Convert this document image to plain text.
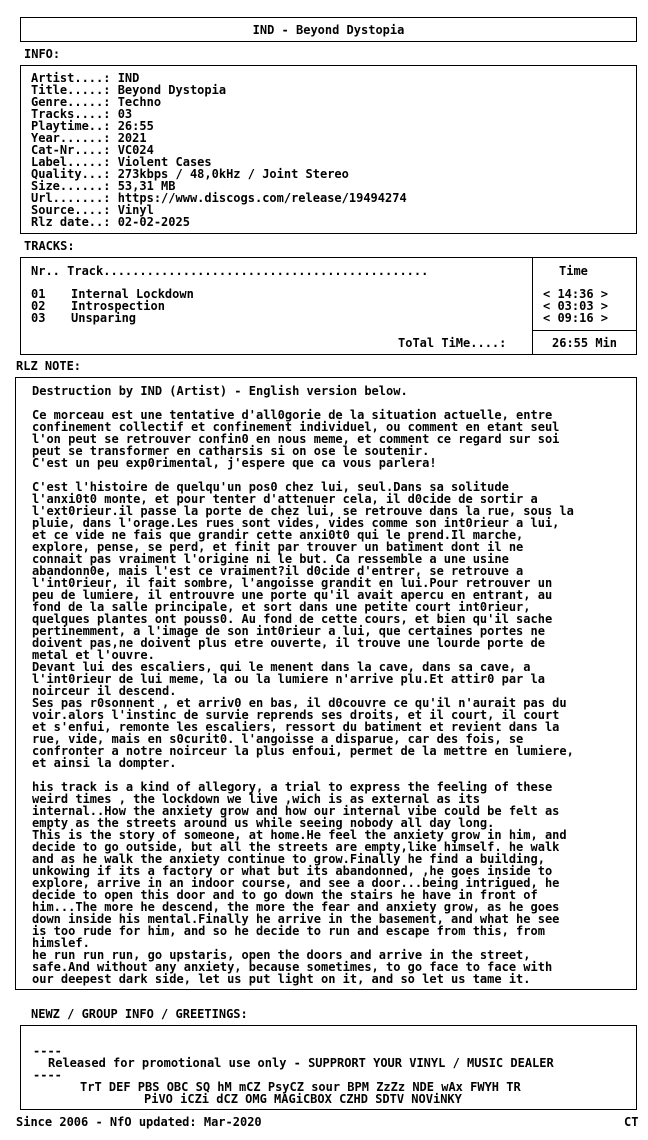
IND - Beyond Dystopia
INFO:
Artist....: IND
Title.....: Beyond Dystopia
Genre.....: Techno
Tracks....: 03
Playtime..: 26:55
Year......: 2021
Cat-Nr....: VC024
Label.....: Violent Cases
Quality...: 273kbps / 48,0kHz / Joint Stereo
Size......: 53,31 MB
Url.......: https://www.discogs.com/release/19494274
Source....: Vinyl
Rlz date..: 02-02-2025
TRACKS:
Nr.. Track.............................................	Time
01 Internal Lockdown	< 14:36 >
02 Introspection	< 03:03 >
03 Unsparing	< 09:16 >
ToTal TiMe....:	26:55 Min
RLZ NOTE:
Destruction by IND (Artist) - English version below.

Ce morceau est une tentative d'all0gorie de la situation actuelle, entre
confinement collectif et confinement individuel, ou comment en etant seul
l'on peut se retrouver confin0 en nous meme, et comment ce regard sur soi
peut se transformer en catharsis si on ose le soutenir.
C'est un peu exp0rimental, j'espere que ca vous parlera!

C'est l'histoire de quelqu'un pos0 chez lui, seul.Dans sa solitude
l'anxi0t0 monte, et pour tenter d'attenuer cela, il d0cide de sortir a
l'ext0rieur.il passe la porte de chez lui, se retrouve dans la rue, sous la
pluie, dans l'orage.Les rues sont vides, vides comme son int0rieur a lui,
et ce vide ne fais que grandir cette anxi0t0 qui le prend.Il marche,
explore, pense, se perd, et finit par trouver un batiment dont il ne
connait pas vraiment l'origine ni le but. Ca ressemble a une usine
abandonn0e, mais l'est ce vraiment?il d0cide d'entrer, se retrouve a
l'int0rieur, il fait sombre, l'angoisse grandit en lui.Pour retrouver un
peu de lumiere, il entrouvre une porte qu'il avait apercu en entrant, au
fond de la salle principale, et sort dans une petite court int0rieur,
quelques plantes ont pouss0. Au fond de cette cours, et bien qu'il sache
pertinemment, a l'image de son int0rieur a lui, que certaines portes ne
doivent pas,ne doivent plus etre ouverte, il trouve une lourde porte de
metal et l'ouvre.
Devant lui des escaliers, qui le menent dans la cave, dans sa cave, a
l'int0rieur de lui meme, la ou la lumiere n'arrive plu.Et attir0 par la
noirceur il descend.
Ses pas r0sonnent , et arriv0 en bas, il d0couvre ce qu'il n'aurait pas du
voir.alors l'instinc de survie reprends ses droits, et il court, il court
et s'enfui, remonte les escaliers, ressort du batiment et revient dans la
rue, vide, mais en s0curit0. l'angoisse a disparue, car des fois, se
confronter a notre noirceur la plus enfoui, permet de la mettre en lumiere,
et ainsi la dompter.

his track is a kind of allegory, a trial to express the feeling of these
weird times , the lockdown we live ,wich is as external as its
internal..How the anxiety grow and how our internal vibe could be felt as
empty as the streets around us while seeing nobody all day long.
This is the story of someone, at home.He feel the anxiety grow in him, and
decide to go outside, but all the streets are empty,like himself. he walk
and as he walk the anxiety continue to grow.Finally he find a building,
unkowing if its a factory or what but its abandonned, ,he goes inside to
explore, arrive in an indoor course, and see a door...being intrigued, he
decide to open this door and to go down the stairs he have in front of
him...The more he descend, the more the fear and anxiety grow, as he goes
down inside his mental.Finally he arrive in the basement, and what he see
is too rude for him, and so he decide to run and escape from this, from
himslef.
he run run run, go upstaris, open the doors and arrive in the street,
safe.And without any anxiety, because sometimes, to go face to face with
our deepest dark side, let us put light on it, and so let us tame it.
NEWZ / GROUP INFO / GREETINGS:
----
Released for promotional use only - SUPPRORT YOUR VINYL / MUSIC DEALER
----
TrT DEF PBS OBC SQ hM mCZ PsyCZ sour BPM ZzZz NDE wAx FWYH TR
PiVO iCZi dCZ OMG MAGiCBOX CZHD SDTV NOViNKY
Since 2006 - NfO updated: Mar-2020	CT
